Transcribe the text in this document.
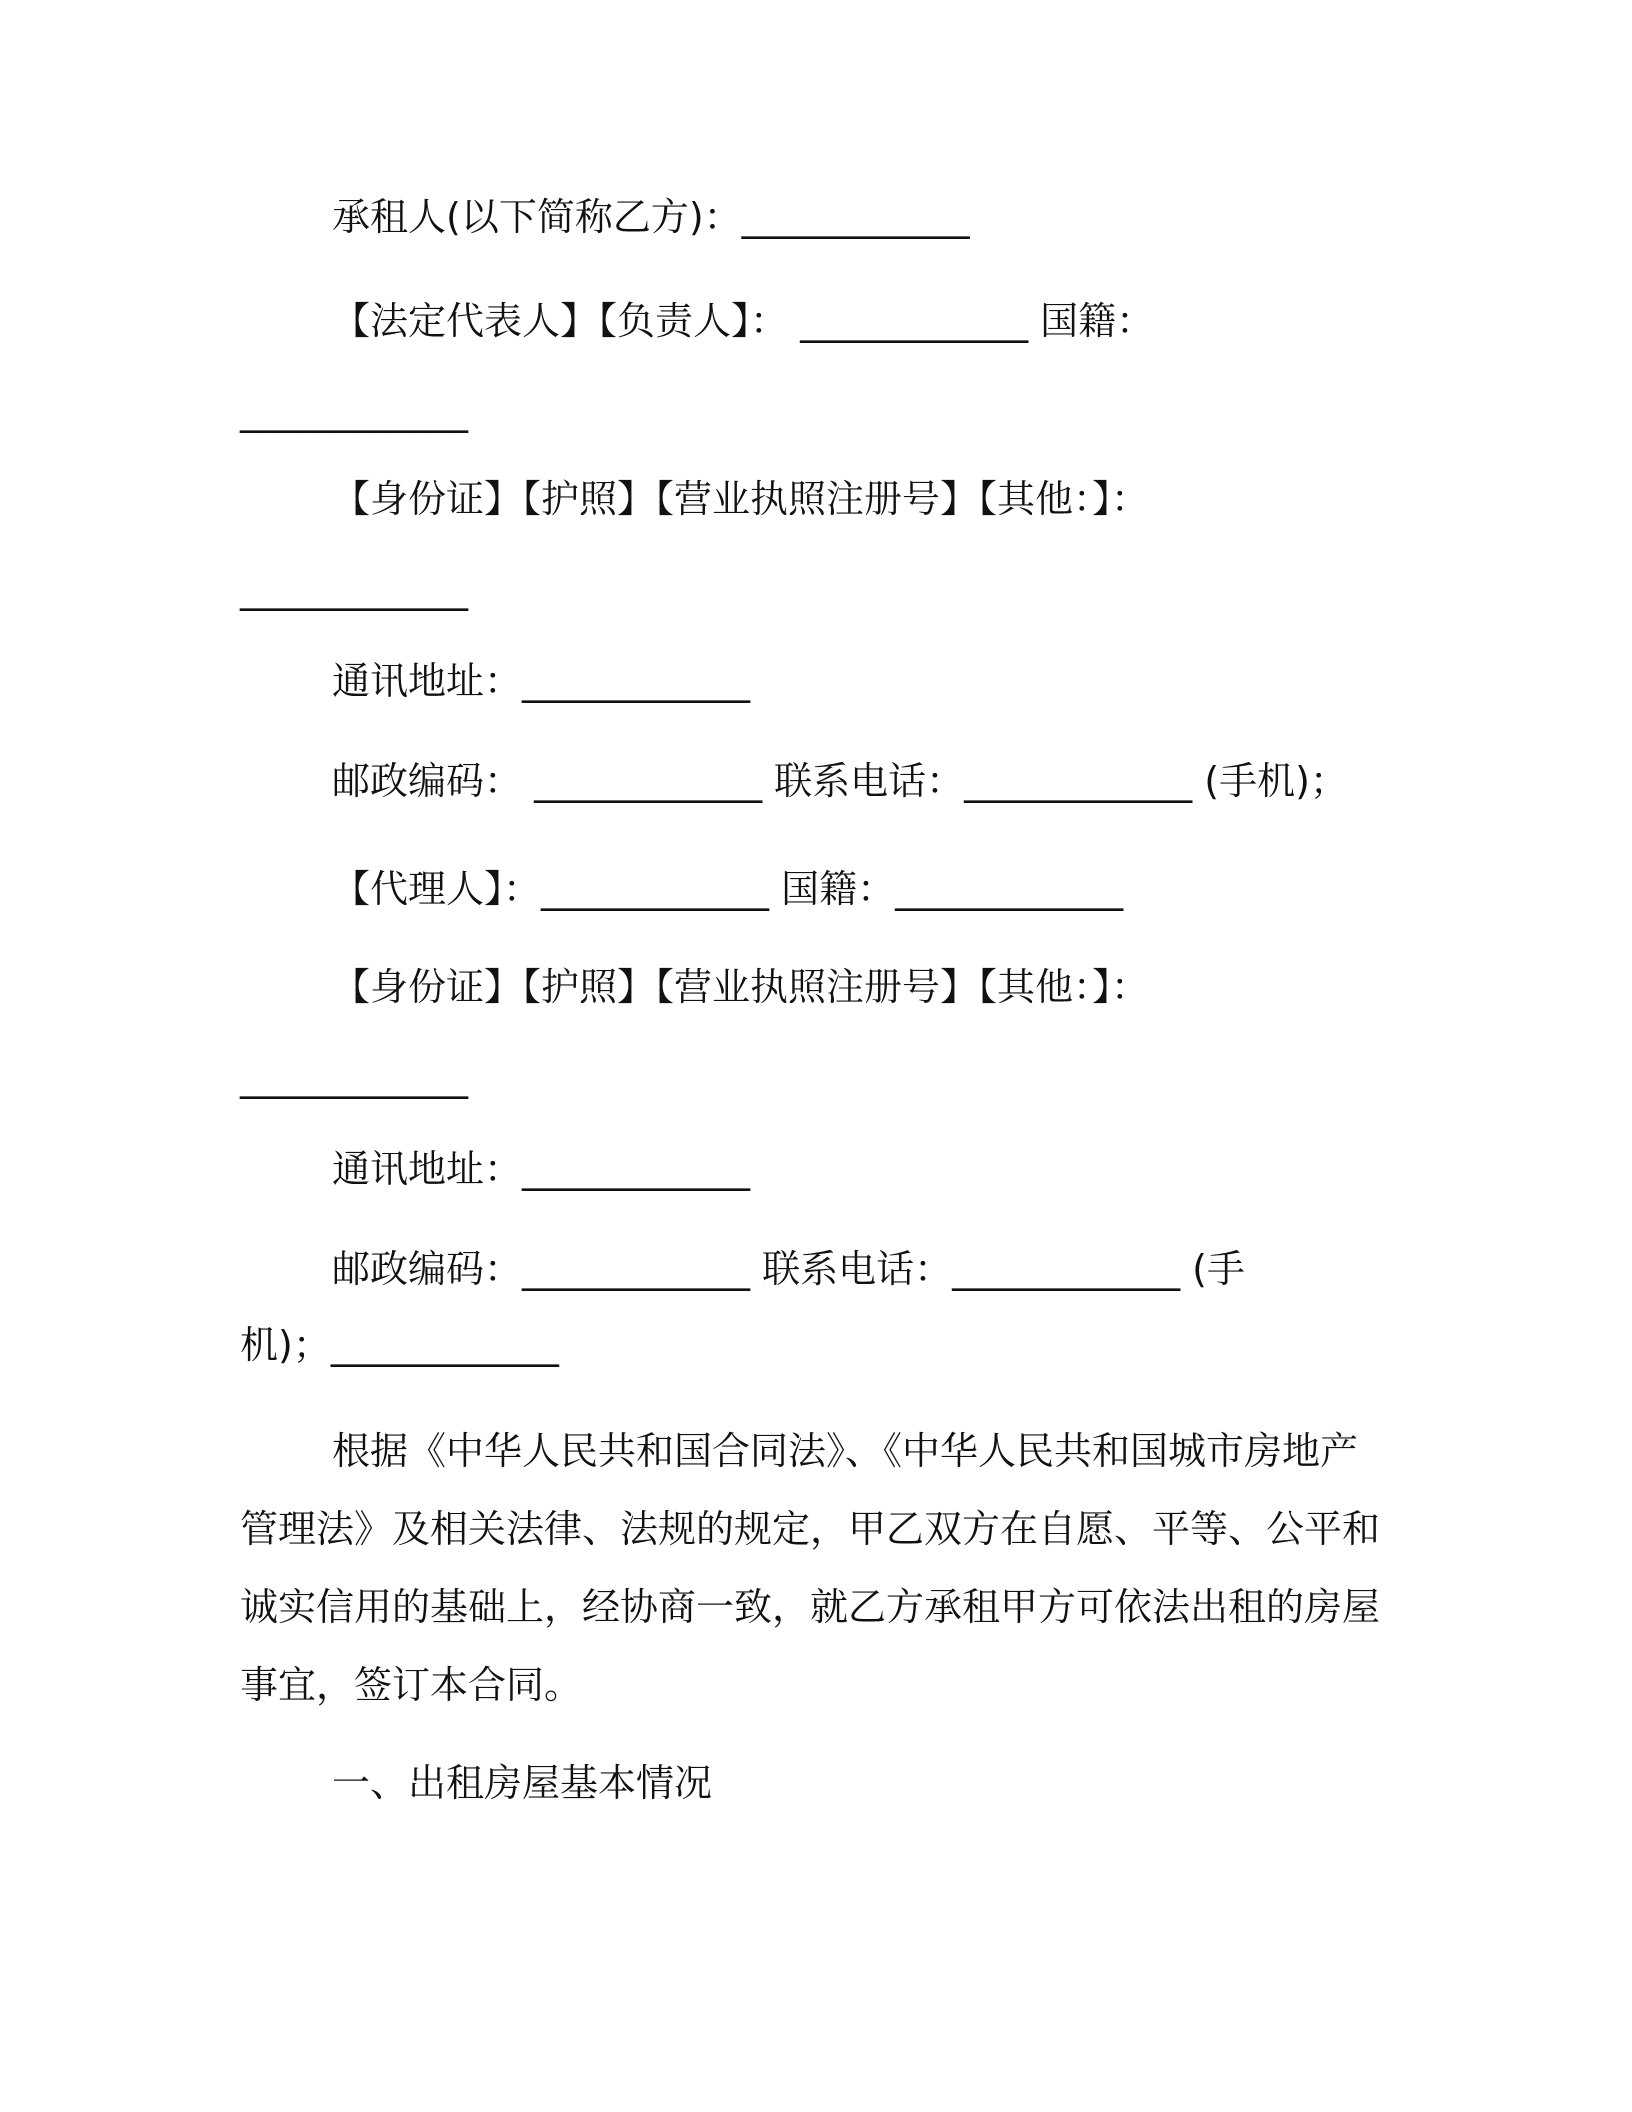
承租人(以下简称乙方)：____________
【法定代表人】【负责人】： ____________ 国籍：
____________
【身份证】【护照】【营业执照注册号】【其他：】：
____________
通讯地址：____________
邮政编码： ____________ 联系电话：____________ (手机)；
【代理人】：____________ 国籍：____________
【身份证】【护照】【营业执照注册号】【其他：】：
____________
通讯地址：____________
邮政编码：____________ 联系电话：____________ (手
机)；____________
根据《中华人民共和国合同法》、《中华人民共和国城市房地产管理法》及相关法律、法规的规定，甲乙双方在自愿、平等、公平和诚实信用的基础上，经协商一致，就乙方承租甲方可依法出租的房屋事宜，签订本合同。
一、出租房屋基本情况
